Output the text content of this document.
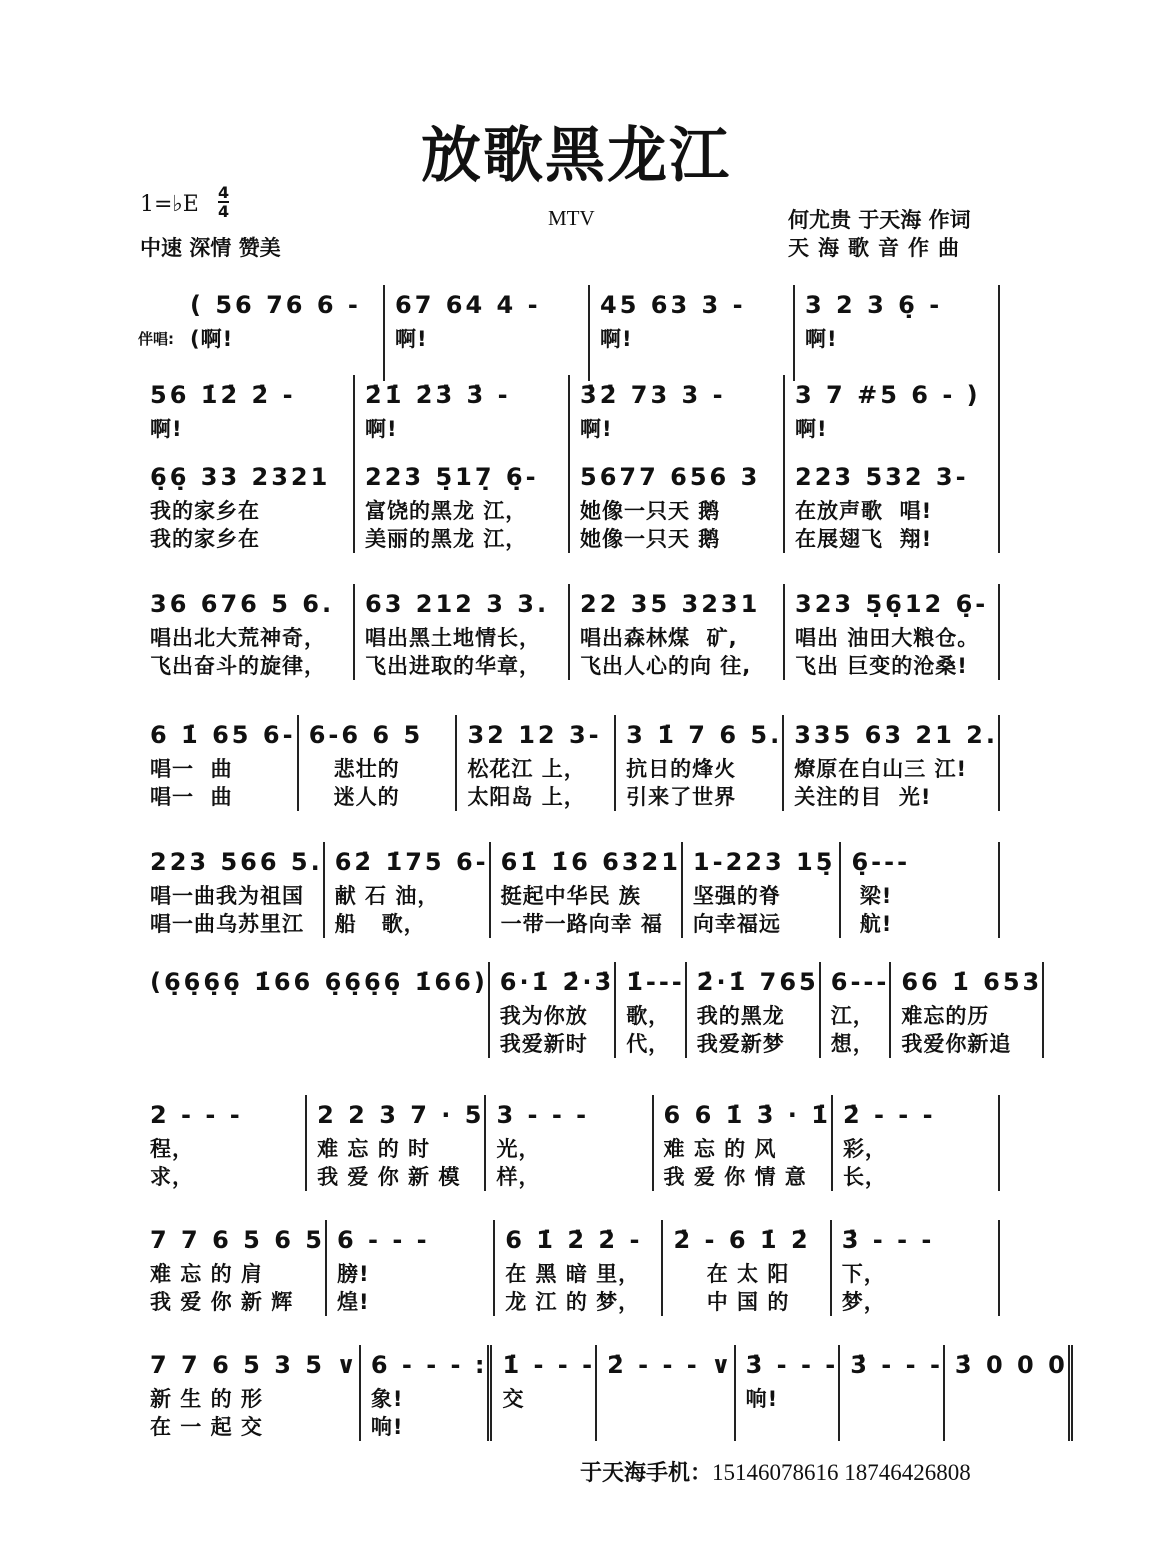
放歌黑龙江
1=♭E 4
4
中速 深情 赞美
MTV	何尤贵 于天海 作词
天海歌音作曲
伴唱:
( 56 76 6 -
(啊!
67 64 4 -
啊!
45 63 3 -
啊!
3 2 3 6̣ -
啊!
56 1̇2̇ 2̇ -
啊!
2̇1̇ 2̇3̇ 3̇ -
啊!
3̇2̇ 73 3 -
啊!
3 7 #5 6 - )
啊!
6̣6̣ 33 2321
我的家乡在
我的家乡在
223 5̣17̣ 6̣-
富饶的黑龙 江，
美丽的黑龙 江，
5677 656 3
她像一只天 鹅
她像一只天 鹅
223 532 3-
在放声歌  唱!
在展翅飞  翔!
36 676 5 6.
唱出北大荒神奇，
飞出奋斗的旋律，
63 212 3 3.
唱出黑土地情长，
飞出进取的华章，
22 35 3231
唱出森林煤  矿,
飞出人心的向 往,
323 5̣6̣12 6̣-
唱出 油田大粮仓。
飞出 巨变的沧桑!
6 1̇ 65 6-
唱一  曲
唱一  曲
6-6 6 5
悲壮的
迷人的
32 12 3-
松花江 上，
太阳岛 上，
3 1̇ 7 6 5.
抗日的烽火
引来了世界
335 63 21 2.
燎原在白山三 江!
关注的目  光!
223 566 5.
唱一曲我为祖国
唱一曲乌苏里江
62̇ 1̇75 6-
献 石 油，
船   歌，
61̇ 1̇6 6321
挺起中华民 族
一带一路向幸 福
1-223 15̣
坚强的脊
向幸福远
6̣---
梁!
航!
(6̣6̣6̣6̣ 1̇66 6̣6̣6̣6̣ 1̇66) 6·1̇ 2̇·3̇
我为你放
我爱新时
1̇---
歌，
代，
2̇·1̇ 765
我的黑龙
我爱新梦
6---
江，
想，
66 1̇ 653
难忘的历
我爱你新追
2 - - -
程，
求，
2 2 3 7 · 5
难 忘 的 时
我 爱 你 新 模
3 - - -
光，
样，
6 6 1̇ 3̇ · 1̇
难 忘 的 风
我 爱 你 情 意
2̇ - - -
彩，
长，
7 7 6 5 6 5
难 忘 的 肩
我 爱 你 新 辉
6 - - -
膀!
煌!
6 1̇ 2̇ 2̇ -
在 黑 暗 里，
龙 江 的 梦，
2̇ - 6 1̇ 2̇
在 太 阳
中 国 的
3̇ - - -
下，
梦，
7 7 6 5 3 5 ∨
新 生 的 形
在 一 起 交
6 - - - :
象!
响!
1̇ - - -
交
2̇ - - - ∨ 3̇ - - -
响!
3̇ - - - 3̇ 0 0 0
于天海手机：15146078616 18746426808
